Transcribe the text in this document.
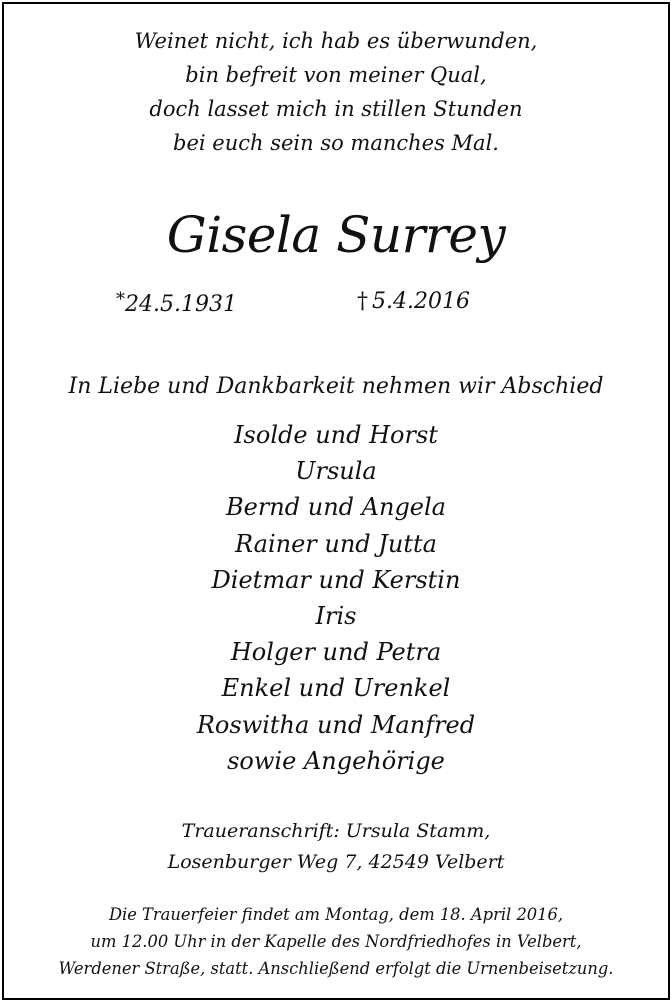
Weinet nicht, ich hab es überwunden,
bin befreit von meiner Qual,
doch lasset mich in stillen Stunden
bei euch sein so manches Mal.
Gisela Surrey
*24.5.1931	† 5.4.2016
In Liebe und Dankbarkeit nehmen wir Abschied
Isolde und Horst
Ursula
Bernd und Angela
Rainer und Jutta
Dietmar und Kerstin
Iris
Holger und Petra
Enkel und Urenkel
Roswitha und Manfred
sowie Angehörige
Traueranschrift: Ursula Stamm,
Losenburger Weg 7, 42549 Velbert
Die Trauerfeier findet am Montag, dem 18. April 2016,
um 12.00 Uhr in der Kapelle des Nordfriedhofes in Velbert,
Werdener Straße, statt. Anschließend erfolgt die Urnenbeisetzung.
